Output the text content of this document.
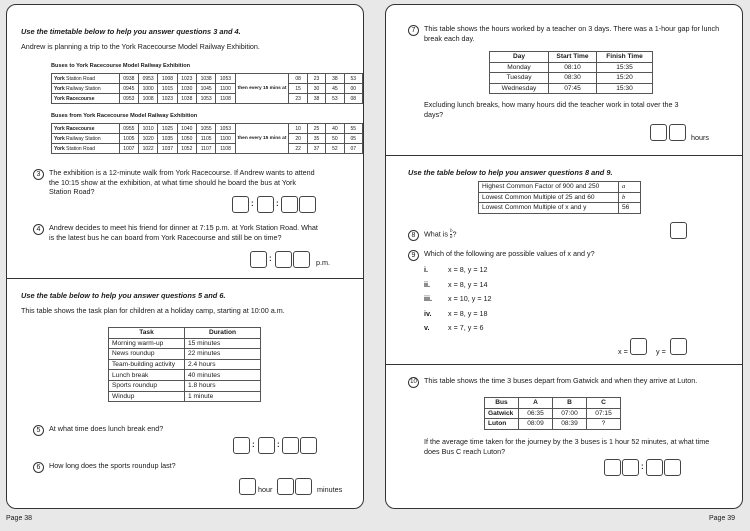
Use the timetable below to help you answer questions 3 and 4.
Andrew is planning a trip to the York Racecourse Model Railway Exhibition.
Buses to York Racecourse Model Railway Exhibition
York Station Road	0938	0953	1008	1023	1038	1053	then every 15 mins at	08	23	38	53
York Railway Station	0945	1000	1015	1030	1045	1100		15	30	45	00
York Racecourse	0953	1008	1023	1038	1053	1108		23	38	53	08
Buses from York Racecourse Model Railway Exhibition
York Racecourse	0955	1010	1025	1040	1055	1053	then every 15 mins at	10	25	40	55
York Railway Station	1005	1020	1035	1050	1105	1100		20	35	50	05
York Station Road	1007	1022	1037	1052	1107	1108		22	37	52	07
3	The exhibition is a 12-minute walk from York Racecourse. If Andrew wants to attend the 10:15 show at the exhibition, at what time should he board the bus at York Station Road?
:	:
4	Andrew decides to meet his friend for dinner at 7:15 p.m. at York Station Road. What is the latest bus he can board from York Racecourse and still be on time?
:	p.m.
Use the table below to help you answer questions 5 and 6.
This table shows the task plan for children at a holiday camp, starting at 10:00 a.m.
Task	Duration
Morning warm-up	15 minutes
News roundup	22 minutes
Team-building activity	2.4 hours
Lunch break	40 minutes
Sports roundup	1.8 hours
Windup	1 minute
5	At what time does lunch break end?
:	:
6	How long does the sports roundup last?
hour	minutes
7	This table shows the hours worked by a teacher on 3 days. There was a 1-hour gap for lunch break each day.
Day	Start Time	Finish Time
Monday	08:10	15:35
Tuesday	08:30	15:20
Wednesday	07:45	15:30
Excluding lunch breaks, how many hours did the teacher work in total over the 3 days?
hours
Use the table below to help you answer questions 8 and 9.
Highest Common Factor of 900 and 250	a
Lowest Common Multiple of 25 and 60	b
Lowest Common Multiple of x and y	56
8	What is $\frac{b}{a}$ ?
9	Which of the following are possible values of x and y?
i.	x = 8, y = 12
ii.	x = 8, y = 14
iii. x = 10, y = 12
iv. x = 8, y = 18
v.	x = 7, y = 6
x =	y =
10 This table shows the time 3 buses depart from Gatwick and when they arrive at Luton.
Bus	A	B	C
Gatwick	06:35	07:00	07:15
Luton	08:09	08:39	?
If the average time taken for the journey by the 3 buses is 1 hour 52 minutes, at what time does Bus C reach Luton?
:
Page 38	Page 39
